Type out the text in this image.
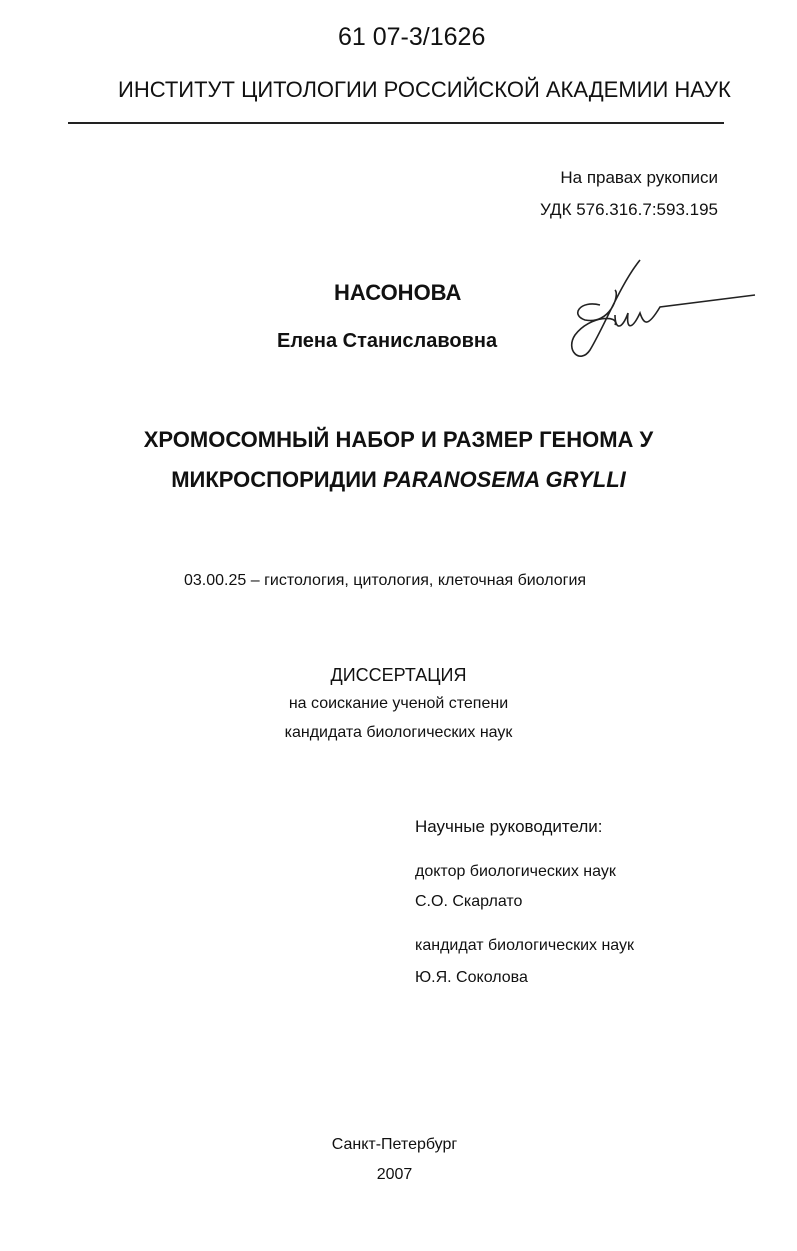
61 07-3/1626
ИНСТИТУТ ЦИТОЛОГИИ РОССИЙСКОЙ АКАДЕМИИ НАУК
На правах рукописи
УДК 576.316.7:593.195
НАСОНОВА
Елена Станиславовна
ХРОМОСОМНЫЙ НАБОР И РАЗМЕР ГЕНОМА У
МИКРОСПОРИДИИ PARANOSEMA GRYLLI
03.00.25 – гистология, цитология, клеточная биология
ДИССЕРТАЦИЯ
на соискание ученой степени
кандидата биологических наук
Научные руководители:
доктор биологических наук
С.О. Скарлато
кандидат биологических наук
Ю.Я. Соколова
Санкт-Петербург
2007
